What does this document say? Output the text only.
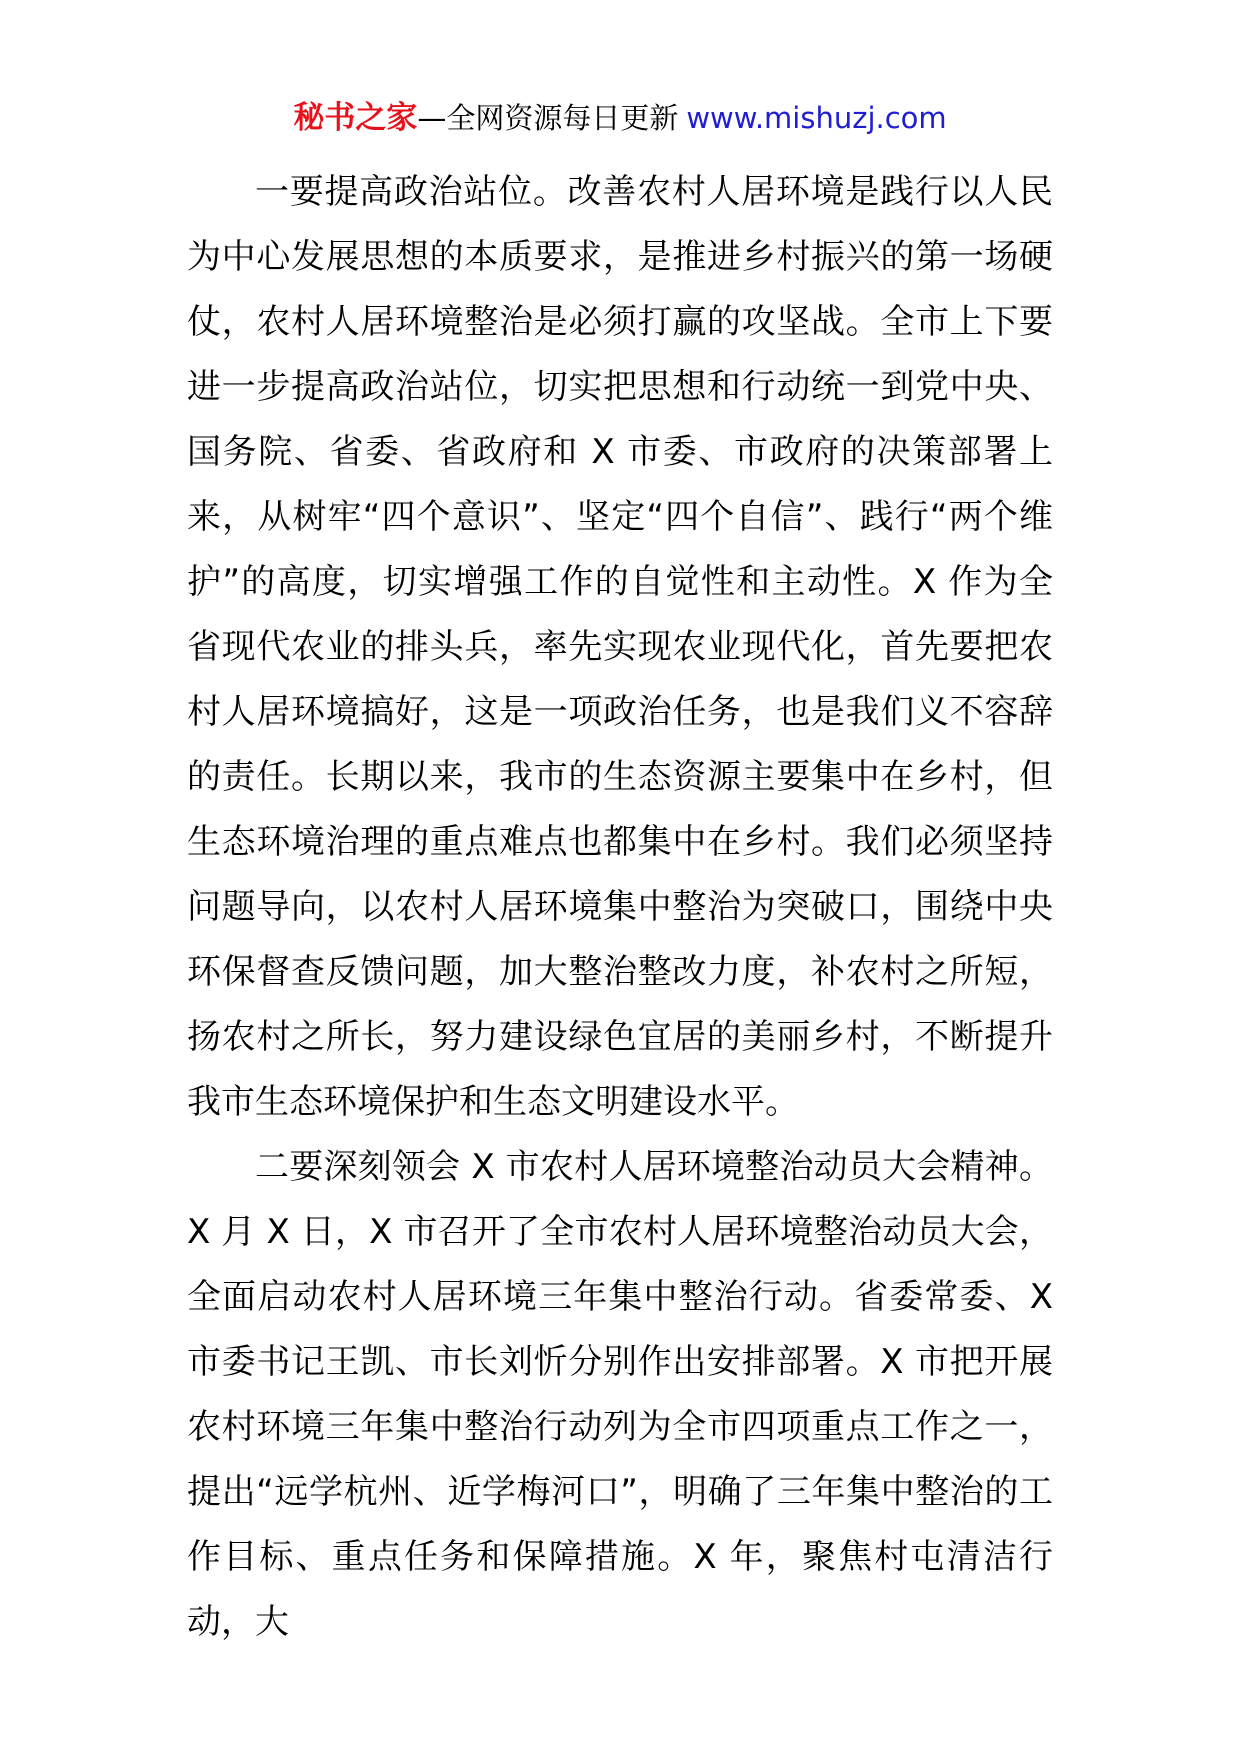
秘书之家—全网资源每日更新 www.mishuzj.com

一要提高政治站位。改善农村人居环境是践行以人民为中心发展思想的本质要求，是推进乡村振兴的第一场硬仗，农村人居环境整治是必须打赢的攻坚战。全市上下要进一步提高政治站位，切实把思想和行动统一到党中央、国务院、省委、省政府和 X 市委、市政府的决策部署上来，从树牢“四个意识”、坚定“四个自信”、践行“两个维护”的高度，切实增强工作的自觉性和主动性。X 作为全省现代农业的排头兵，率先实现农业现代化，首先要把农村人居环境搞好，这是一项政治任务，也是我们义不容辞的责任。长期以来，我市的生态资源主要集中在乡村，但生态环境治理的重点难点也都集中在乡村。我们必须坚持问题导向，以农村人居环境集中整治为突破口，围绕中央环保督查反馈问题，加大整治整改力度，补农村之所短，扬农村之所长，努力建设绿色宜居的美丽乡村，不断提升我市生态环境保护和生态文明建设水平。

二要深刻领会 X 市农村人居环境整治动员大会精神。X 月 X 日，X 市召开了全市农村人居环境整治动员大会，全面启动农村人居环境三年集中整治行动。省委常委、X 市委书记王凯、市长刘忻分别作出安排部署。X 市把开展农村环境三年集中整治行动列为全市四项重点工作之一，提出“远学杭州、近学梅河口”，明确了三年集中整治的工作目标、重点任务和保障措施。X 年，聚焦村屯清洁行动，大
